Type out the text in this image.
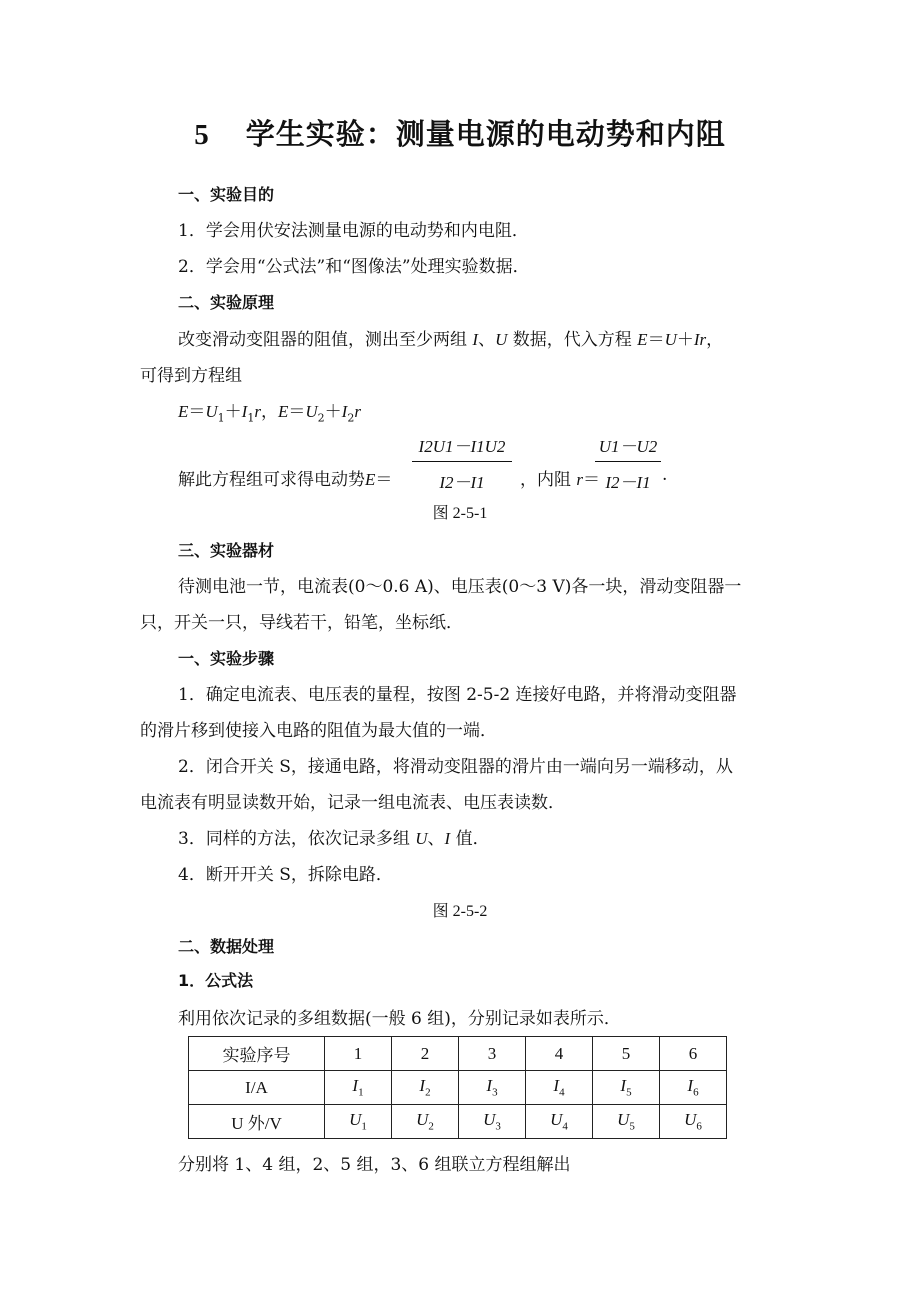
5 学生实验：测量电源的电动势和内阻
一、实验目的
1．学会用伏安法测量电源的电动势和内电阻．
2．学会用“公式法”和“图像法”处理实验数据．
二、实验原理
改变滑动变阻器的阻值，测出至少两组 I、U 数据，代入方程 E＝U＋Ir，
可得到方程组
$E=U_1+I_1r$，$E=U_2+I_2r$
解此方程组可求得电动势E＝
I2U1－I1U2
I2－I1	，内阻 r＝
U1－U2
I2－I1 .
图 2-5-1
三、实验器材
待测电池一节，电流表(0～0.6 A)、电压表(0～3 V)各一块，滑动变阻器一
只，开关一只，导线若干，铅笔，坐标纸．
一、实验步骤
1．确定电流表、电压表的量程，按图 2-5-2 连接好电路，并将滑动变阻器
的滑片移到使接入电路的阻值为最大值的一端．
2．闭合开关 S，接通电路，将滑动变阻器的滑片由一端向另一端移动，从
电流表有明显读数开始，记录一组电流表、电压表读数．
3．同样的方法，依次记录多组 U、I 值．
4．断开开关 S，拆除电路．
图 2-5-2
二、数据处理
1．公式法
利用依次记录的多组数据(一般 6 组)，分别记录如表所示．
实验序号	1	2	3	4	5	6
I/A	$I_1$	$I_2$	$I_3$	$I_4$	$I_5$	$I_6$
U 外/V	$U_1$	$U_2$	$U_3$	$U_4$	$U_5$	$U_6$
分别将 1、4 组，2、5 组，3、6 组联立方程组解出
